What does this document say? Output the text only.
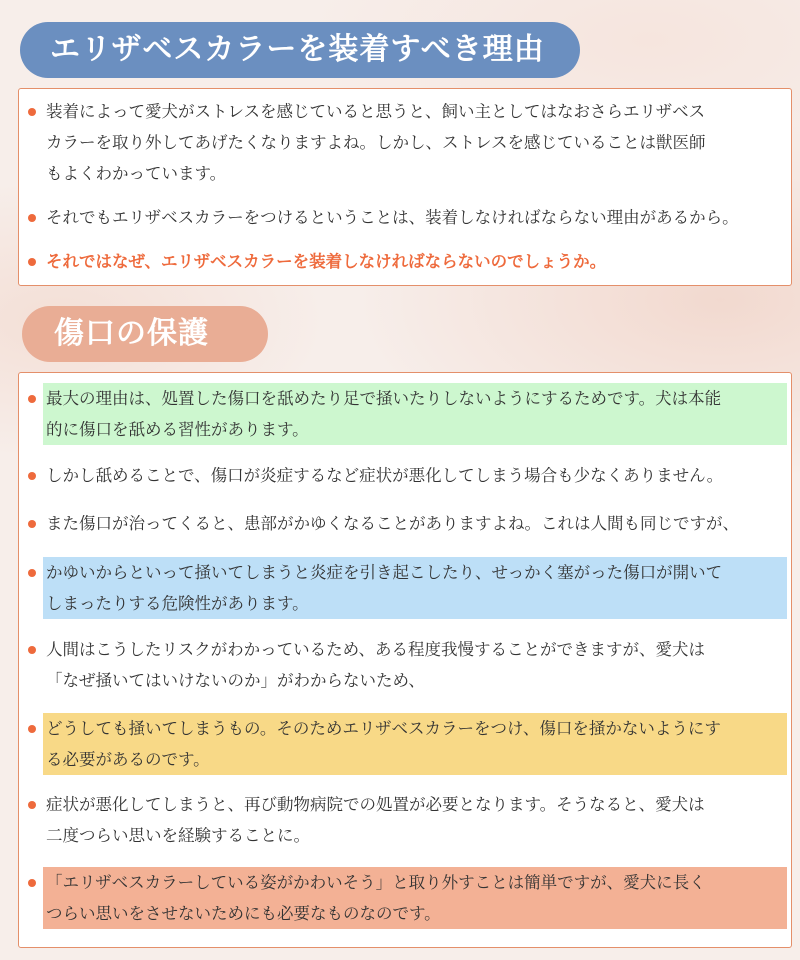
エリザベスカラーを装着すべき理由
装着によって愛犬がストレスを感じていると思うと、飼い主としてはなおさらエリザベス
カラーを取り外してあげたくなりますよね。しかし、ストレスを感じていることは獣医師
もよくわかっています。
それでもエリザベスカラーをつけるということは、装着しなければならない理由があるから。
それではなぜ、エリザベスカラーを装着しなければならないのでしょうか。
傷口の保護
最大の理由は、処置した傷口を舐めたり足で掻いたりしないようにするためです。犬は本能
的に傷口を舐める習性があります。
しかし舐めることで、傷口が炎症するなど症状が悪化してしまう場合も少なくありません。
また傷口が治ってくると、患部がかゆくなることがありますよね。これは人間も同じですが、
かゆいからといって掻いてしまうと炎症を引き起こしたり、せっかく塞がった傷口が開いて
しまったりする危険性があります。
人間はこうしたリスクがわかっているため、ある程度我慢することができますが、愛犬は
「なぜ掻いてはいけないのか」がわからないため、
どうしても掻いてしまうもの。そのためエリザベスカラーをつけ、傷口を掻かないようにす
る必要があるのです。
症状が悪化してしまうと、再び動物病院での処置が必要となります。そうなると、愛犬は
二度つらい思いを経験することに。
「エリザベスカラーしている姿がかわいそう」と取り外すことは簡単ですが、愛犬に長く
つらい思いをさせないためにも必要なものなのです。
